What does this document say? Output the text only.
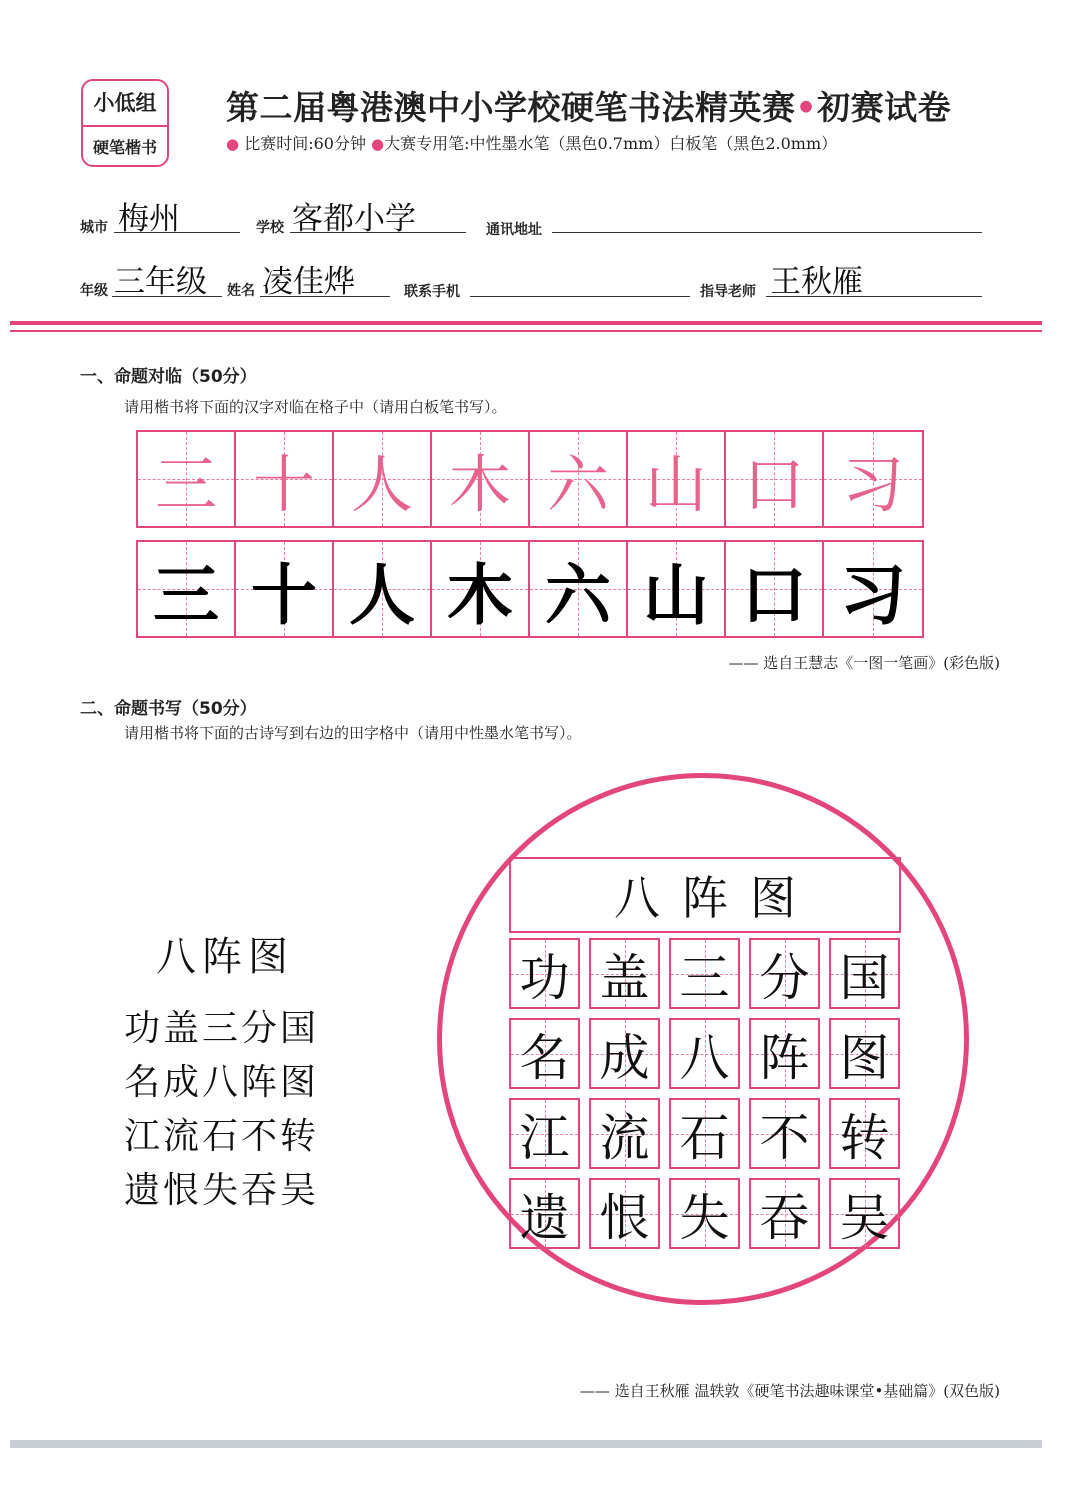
小低组
硬笔楷书
第二届粤港澳中小学校硬笔书法精英赛•初赛试卷
● 比赛时间:60分钟 ●大赛专用笔:中性墨水笔（黑色0.7mm）白板笔（黑色2.0mm）
城市 梅州	学校 客都小学	通讯地址
年级 三年级 姓名 凌佳烨	联系手机	指导老师 王秋雁
一、命题对临（50分）
请用楷书将下面的汉字对临在格子中（请用白板笔书写）。
三 十 人 木 六 山 口 习
三 十 人 木 六 山 口 习
—— 选自王慧志《一图一笔画》(彩色版)
二、命题书写（50分）
请用楷书将下面的古诗写到右边的田字格中（请用中性墨水笔书写）。
八阵图
功盖三分国
名成八阵图
江流石不转
遗恨失吞吴
八阵图
功 盖 三 分 国
名 成 八 阵 图
江 流 石 不 转
遗 恨 失 吞 吴
—— 选自王秋雁 温轶敦《硬笔书法趣味课堂•基础篇》(双色版)
